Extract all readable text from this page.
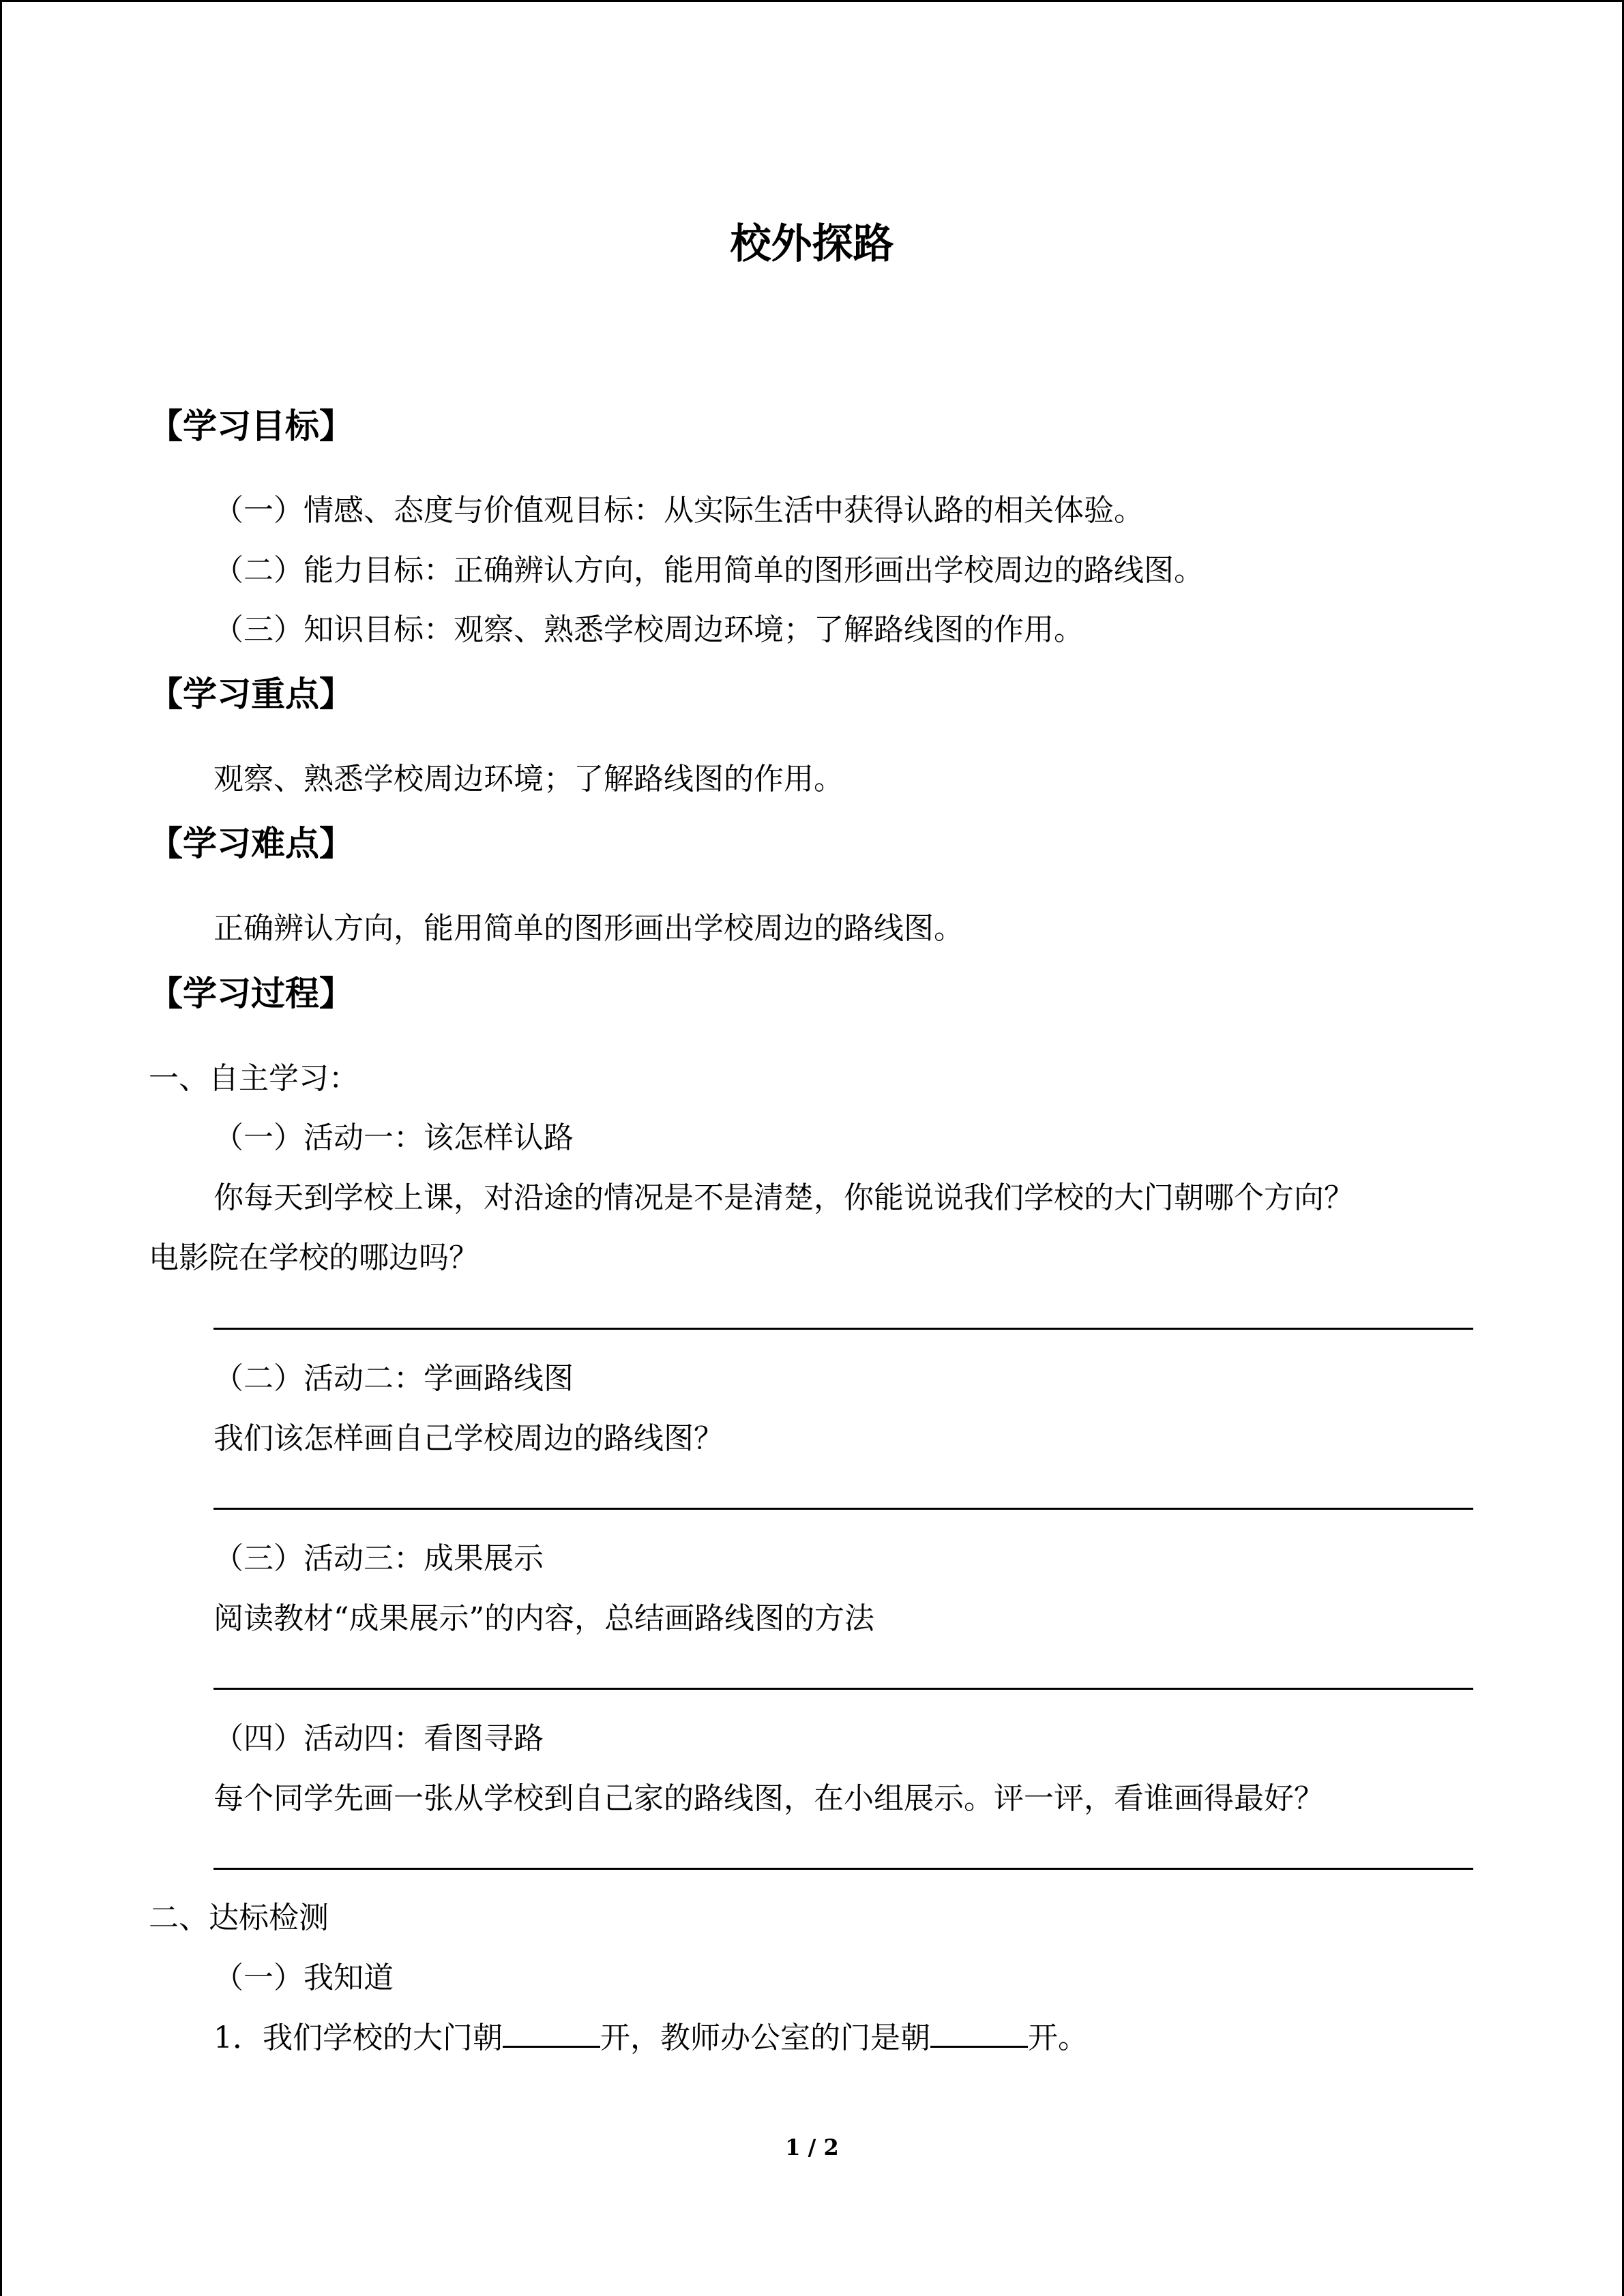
校外探路
【学习目标】
（一）情感、态度与价值观目标：从实际生活中获得认路的相关体验。
（二）能力目标：正确辨认方向，能用简单的图形画出学校周边的路线图。
（三）知识目标：观察、熟悉学校周边环境；了解路线图的作用。
【学习重点】
观察、熟悉学校周边环境；了解路线图的作用。
【学习难点】
正确辨认方向，能用简单的图形画出学校周边的路线图。
【学习过程】
一、自主学习：
（一）活动一：该怎样认路
你每天到学校上课，对沿途的情况是不是清楚，你能说说我们学校的大门朝哪个方向？
电影院在学校的哪边吗？
（二）活动二：学画路线图
我们该怎样画自己学校周边的路线图？
（三）活动三：成果展示
阅读教材“成果展示”的内容，总结画路线图的方法
（四）活动四：看图寻路
每个同学先画一张从学校到自己家的路线图，在小组展示。评一评，看谁画得最好？
二、达标检测
（一）我知道
1．我们学校的大门朝	开，教师办公室的门是朝	开。
1 / 2
